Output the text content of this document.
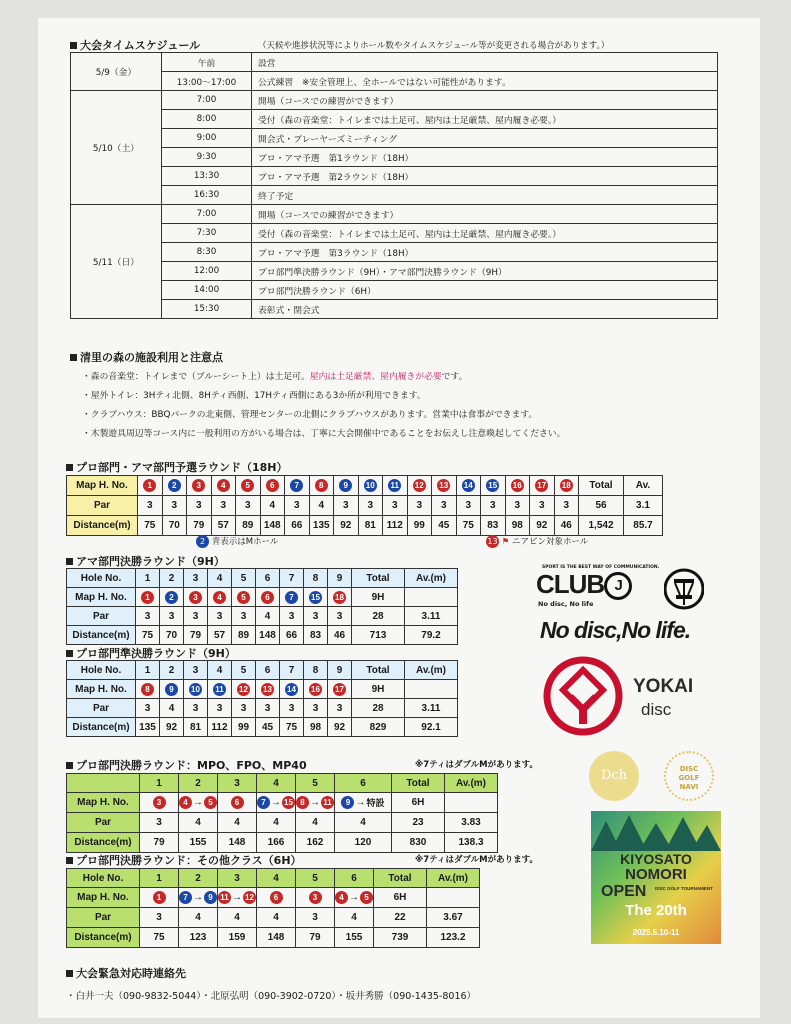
大会タイムスケジュール	（天候や進捗状況等によりホール数やタイムスケジュール等が変更される場合があります。）
5/9（金）	午前	設営
	13:00～17:00	公式練習　※安全管理上、全ホールではない可能性があります。
5/10（土）	7:00	開場（コースでの練習ができます）
	8:00	受付（森の音楽堂：トイレまでは土足可、屋内は土足厳禁、屋内履き必要。）
	9:00	開会式・プレーヤーズミーティング
	9:30	プロ・アマ予選　第1ラウンド（18H）
	13:30	プロ・アマ予選　第2ラウンド（18H）
	16:30	終了予定
5/11（日）	7:00	開場（コースでの練習ができます）
	7:30	受付（森の音楽堂：トイレまでは土足可、屋内は土足厳禁、屋内履き必要。）
	8:30	プロ・アマ予選　第3ラウンド（18H）
	12:00	プロ部門準決勝ラウンド（9H）・アマ部門決勝ラウンド（9H）
	14:00	プロ部門決勝ラウンド（6H）
	15:30	表彰式・閉会式
清里の森の施設利用と注意点
・森の音楽堂：トイレまで（ブルーシート上）は土足可。屋内は土足厳禁、屋内履きが必要です。
・屋外トイレ：3Hティ北側、8Hティ西側、17Hティ西側にある3か所が利用できます。
・クラブハウス：BBQパークの北東側、管理センターの北側にクラブハウスがあります。営業中は食事ができます。
・木製遊具周辺等コース内に一般利用の方がいる場合は、丁寧に大会開催中であることをお伝えし注意喚起してください。
プロ部門・アマ部門予選ラウンド（18H）
Map H. No.	1	2	3	4	5	6	7	8	9	10	11	12	13	14	15	16	17	18	Total	Av.
Par	3	3	3	3	3	4	3	4	3	3	3	3	3	3	3	3	3	3	56	3.1
Distance(m)	75	70	79	57	89	148	66	135	92	81	112	99	45	75	83	98	92	46	1,542	85.7
2 青表示はMホール	13 ⚑ ニアピン対象ホール
アマ部門決勝ラウンド（9H）
Hole No.	1	2	3	4	5	6	7	8	9	Total	Av.(m)
Map H. No.	1	2	3	4	5	6	7	15	18	9H	
Par	3	3	3	3	3	4	3	3	3	28	3.11
Distance(m)	75	70	79	57	89	148	66	83	46	713	79.2
プロ部門準決勝ラウンド（9H）
Hole No.	1	2	3	4	5	6	7	8	9	Total	Av.(m)
Map H. No.	8	9	10	11	12	13	14	16	17	9H	
Par	3	4	3	3	3	3	3	3	3	28	3.11
Distance(m)	135	92	81	112	99	45	75	98	92	829	92.1
プロ部門決勝ラウンド：MPO、FPO、MP40	※7ティはダブルMがあります。
	1	2	3	4	5	6	Total	Av.(m)
Map H. No.	3	4 → 5	6	7 → 15	8 → 11	9 →特設	6H	
Par	3	4	4	4	4	4	23	3.83
Distance(m)	79	155	148	166	162	120	830	138.3
プロ部門決勝ラウンド：その他クラス（6H）	※7ティはダブルMがあります。
Hole No.	1	2	3	4	5	6	Total	Av.(m)
Map H. No.	1	7 → 9	11 → 12	6	3	4 → 5	6H	
Par	3	4	4	4	3	4	22	3.67
Distance(m)	75	123	159	148	79	155	739	123.2
大会緊急対応時連絡先
・白井一夫（090-9832-5044）・北原弘明（090-3902-0720）・坂井秀勝（090-1435-8016）
SPORT IS THE BEST WAY OF COMMUNICATION.
CLUB J
No disc, No life
No disc,No life.
YOKAI
disc
Dch	DISC
GOLF
NAVI
KIYOSATO
NOMORI
OPEN DISC GOLF TOURNAMENT
The 20th
2025.5.10-11
